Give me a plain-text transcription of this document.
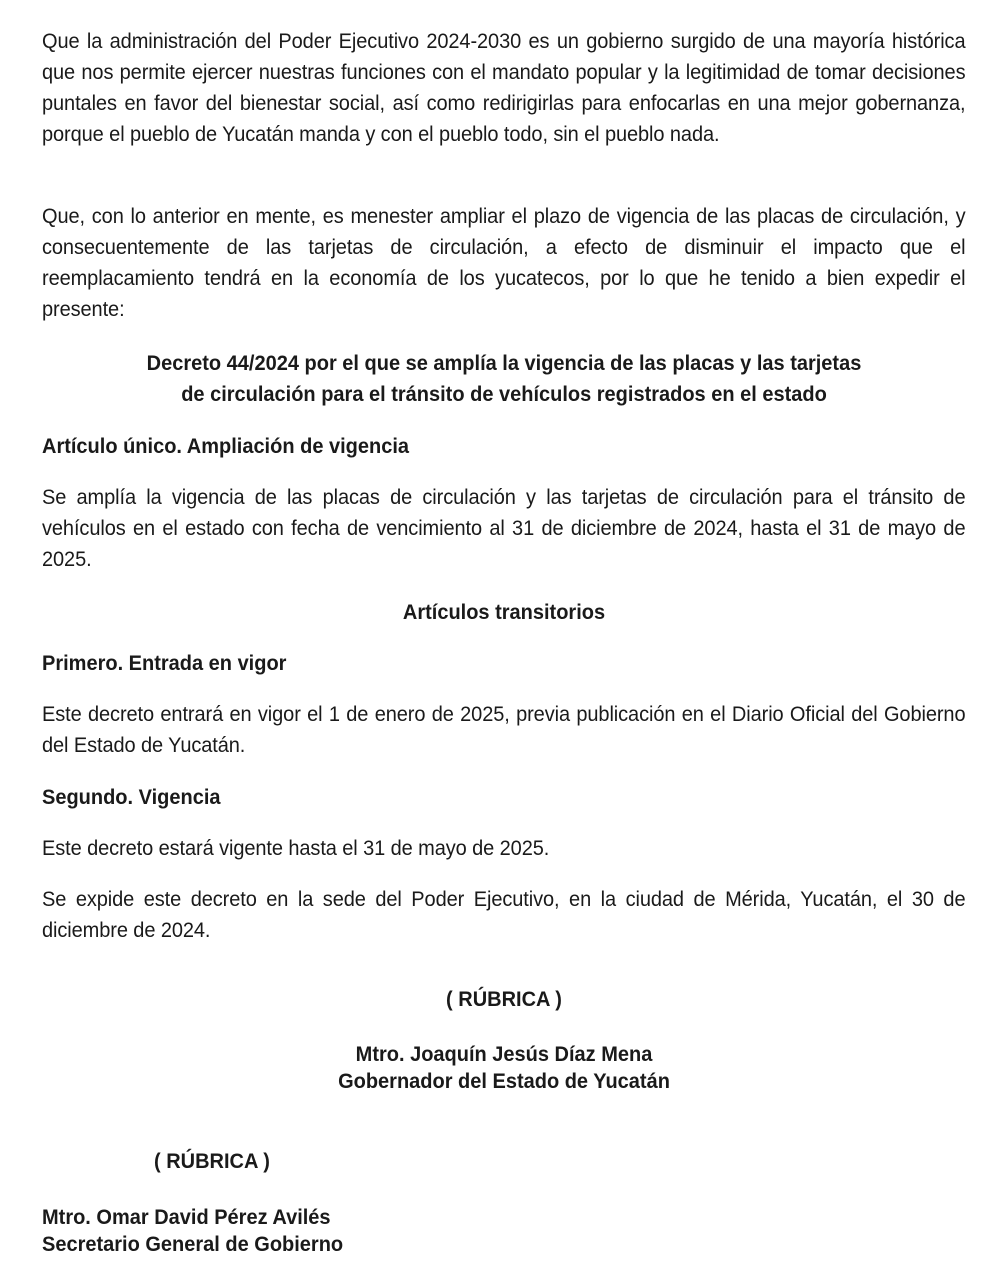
Que la administración del Poder Ejecutivo 2024-2030 es un gobierno surgido de una mayoría histórica que nos permite ejercer nuestras funciones con el mandato popular y la legitimidad de tomar decisiones puntales en favor del bienestar social, así como redirigirlas para enfocarlas en una mejor gobernanza, porque el pueblo de Yucatán manda y con el pueblo todo, sin el pueblo nada.

Que, con lo anterior en mente, es menester ampliar el plazo de vigencia de las placas de circulación, y consecuentemente de las tarjetas de circulación, a efecto de disminuir el impacto que el reemplacamiento tendrá en la economía de los yucatecos, por lo que he tenido a bien expedir el presente:

Decreto 44/2024 por el que se amplía la vigencia de las placas y las tarjetas

de circulación para el tránsito de vehículos registrados en el estado

Artículo único. Ampliación de vigencia

Se amplía la vigencia de las placas de circulación y las tarjetas de circulación para el tránsito de vehículos en el estado con fecha de vencimiento al 31 de diciembre de 2024, hasta el 31 de mayo de 2025.

Artículos transitorios

Primero. Entrada en vigor

Este decreto entrará en vigor el 1 de enero de 2025, previa publicación en el Diario Oficial del Gobierno del Estado de Yucatán.

Segundo. Vigencia

Este decreto estará vigente hasta el 31 de mayo de 2025.

Se expide este decreto en la sede del Poder Ejecutivo, en la ciudad de Mérida, Yucatán, el 30 de diciembre de 2024.

( RÚBRICA )

Mtro. Joaquín Jesús Díaz Mena

Gobernador del Estado de Yucatán

( RÚBRICA )

Mtro. Omar David Pérez Avilés

Secretario General de Gobierno
